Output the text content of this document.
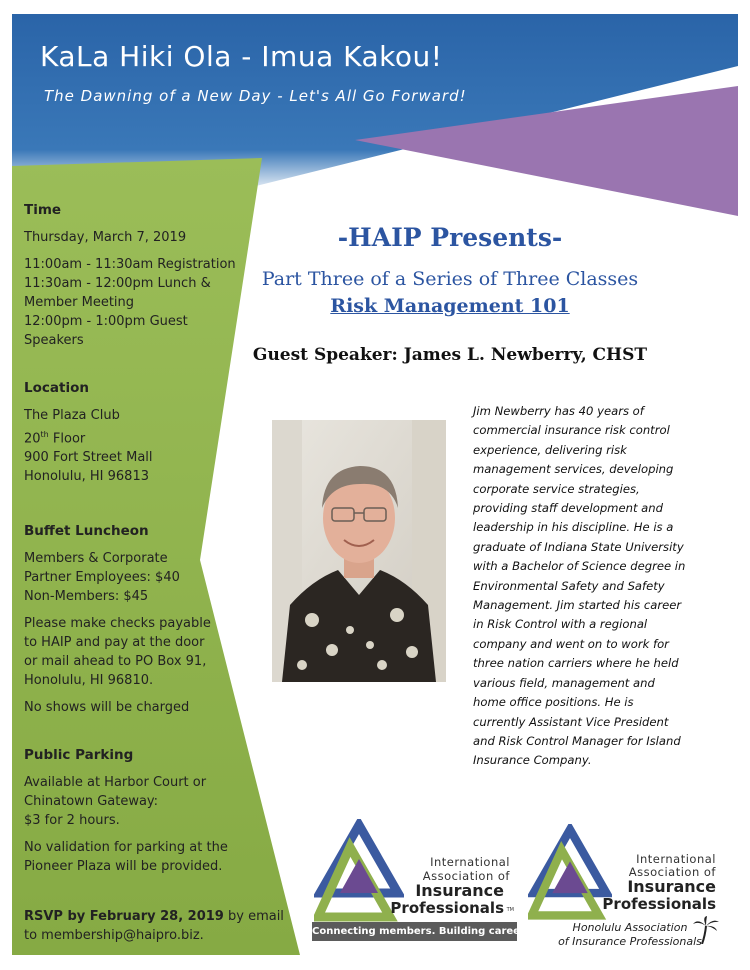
KaLa Hiki Ola - Imua Kakou!
The Dawning of a New Day - Let's All Go Forward!

Time

Thursday, March 7, 2019

11:00am - 11:30am Registration

11:30am - 12:00pm Lunch &

Member Meeting

12:00pm - 1:00pm Guest

Speakers

Location

The Plaza Club

20th Floor

900 Fort Street Mall

Honolulu, HI 96813

Buffet Luncheon

Members & Corporate

Partner Employees: $40

Non-Members: $45

Please make checks payable

to HAIP and pay at the door

or mail ahead to PO Box 91,

Honolulu, HI 96810.

No shows will be charged

Public Parking

Available at Harbor Court or

Chinatown Gateway:

$3 for 2 hours.

No validation for parking at the

Pioneer Plaza will be provided.

RSVP by February 28, 2019 by email

to membership@haipro.biz.

-HAIP Presents-
Part Three of a Series of Three Classes
Risk Management 101
Guest Speaker: James L. Newberry, CHST
Jim Newberry has 40 years of
commercial insurance risk control
experience, delivering risk
management services, developing
corporate service strategies,
providing staff development and
leadership in his discipline. He is a
graduate of Indiana State University
with a Bachelor of Science degree in
Environmental Safety and Safety
Management. Jim started his career
in Risk Control with a regional
company and went on to work for
three nation carriers where he held
various field, management and
home office positions. He is
currently Assistant Vice President
and Risk Control Manager for Island
Insurance Company.
International
Association of
Insurance
Professionals TM
Connecting members. Building careers.
International
Association of
Insurance
Professionals
Honolulu Association
of Insurance Professionals
